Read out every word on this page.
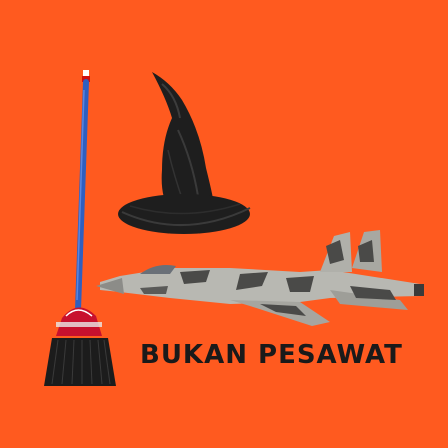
BUKAN PESAWAT
